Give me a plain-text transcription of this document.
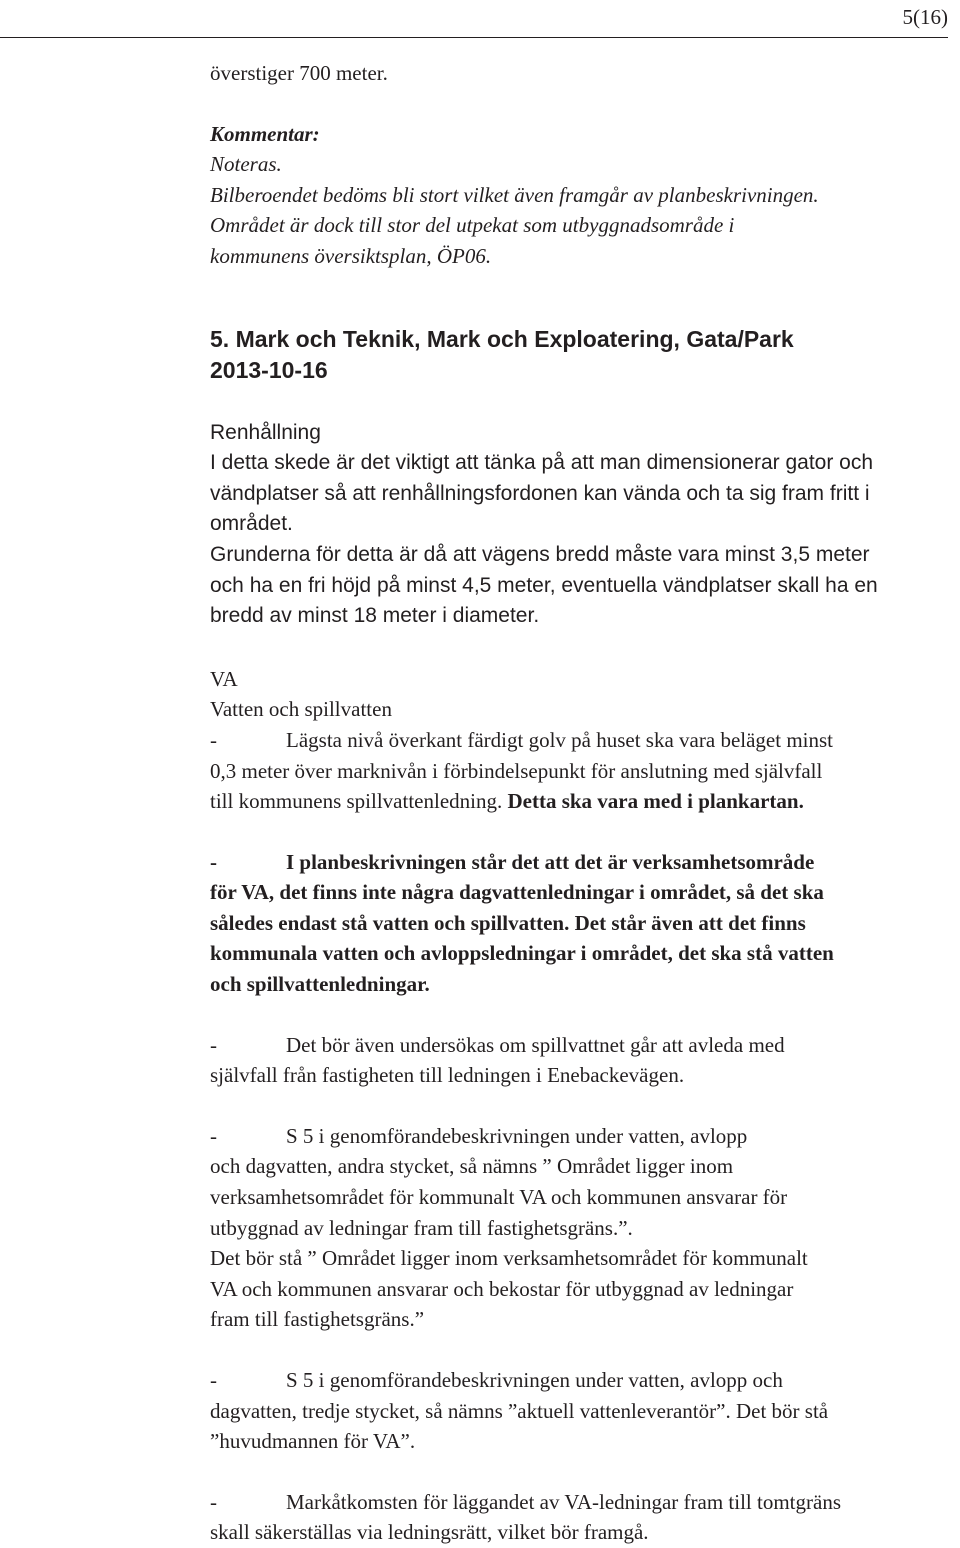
5(16)

överstiger 700 meter.

Kommentar:
Noteras.
Bilberoendet bedöms bli stort vilket även framgår av planbeskrivningen.
Området är dock till stor del utpekat som utbyggnadsområde i
kommunens översiktsplan, ÖP06.
5. Mark och Teknik, Mark och Exploatering, Gata/Park
2013-10-16
Renhållning
I detta skede är det viktigt att tänka på att man dimensionerar gator och
vändplatser så att renhållningsfordonen kan vända och ta sig fram fritt i
området.
Grunderna för detta är då att vägens bredd måste vara minst 3,5 meter
och ha en fri höjd på minst 4,5 meter, eventuella vändplatser skall ha en
bredd av minst 18 meter i diameter.
VA
Vatten och spillvatten
-	Lägsta nivå överkant färdigt golv på huset ska vara beläget minst
0,3 meter över marknivån i förbindelsepunkt för anslutning med självfall
till kommunens spillvattenledning. Detta ska vara med i plankartan.
-	I planbeskrivningen står det att det är verksamhetsområde
för VA, det finns inte några dagvattenledningar i området, så det ska
således endast stå vatten och spillvatten. Det står även att det finns
kommunala vatten och avloppsledningar i området, det ska stå vatten
och spillvattenledningar.
-	Det bör även undersökas om spillvattnet går att avleda med
självfall från fastigheten till ledningen i Enebackevägen.
-	S 5 i genomförandebeskrivningen under vatten, avlopp
och dagvatten, andra stycket, så nämns ” Området ligger inom
verksamhetsområdet för kommunalt VA och kommunen ansvarar för
utbyggnad av ledningar fram till fastighetsgräns.”.
Det bör stå ” Området ligger inom verksamhetsområdet för kommunalt
VA och kommunen ansvarar och bekostar för utbyggnad av ledningar
fram till fastighetsgräns.”
-	S 5 i genomförandebeskrivningen under vatten, avlopp och
dagvatten, tredje stycket, så nämns ”aktuell vattenleverantör”. Det bör stå
”huvudmannen för VA”.
-	Markåtkomsten för läggandet av VA-ledningar fram till tomtgräns
skall säkerställas via ledningsrätt, vilket bör framgå.
